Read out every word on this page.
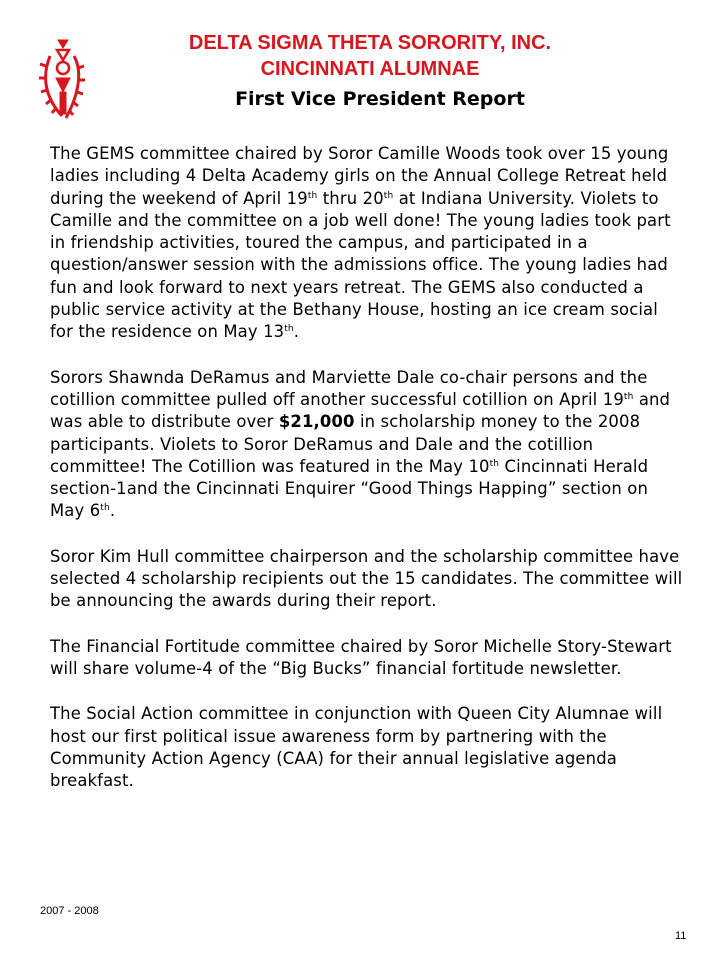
DELTA SIGMA THETA SORORITY, INC.
CINCINNATI ALUMNAE
First Vice President Report

The GEMS committee chaired by Soror Camille Woods took over 15 young ladies including 4 Delta Academy girls on the Annual College Retreat held during the weekend of April 19th thru 20th at Indiana University. Violets to Camille and the committee on a job well done! The young ladies took part in friendship activities, toured the campus, and participated in a question/answer session with the admissions office. The young ladies had fun and look forward to next years retreat. The GEMS also conducted a public service activity at the Bethany House, hosting an ice cream social for the residence on May 13th.

Sorors Shawnda DeRamus and Marviette Dale co-chair persons and the cotillion committee pulled off another successful cotillion on April 19th and was able to distribute over $21,000 in scholarship money to the 2008 participants. Violets to Soror DeRamus and Dale and the cotillion committee! The Cotillion was featured in the May 10th Cincinnati Herald section-1and the Cincinnati Enquirer “Good Things Happing” section on May 6th.

Soror Kim Hull committee chairperson and the scholarship committee have selected 4 scholarship recipients out the 15 candidates. The committee will be announcing the awards during their report.

The Financial Fortitude committee chaired by Soror Michelle Story-Stewart will share volume-4 of the “Big Bucks” financial fortitude newsletter.

The Social Action committee in conjunction with Queen City Alumnae will host our first political issue awareness form by partnering with the Community Action Agency (CAA) for their annual legislative agenda breakfast.

2007 - 2008
11
